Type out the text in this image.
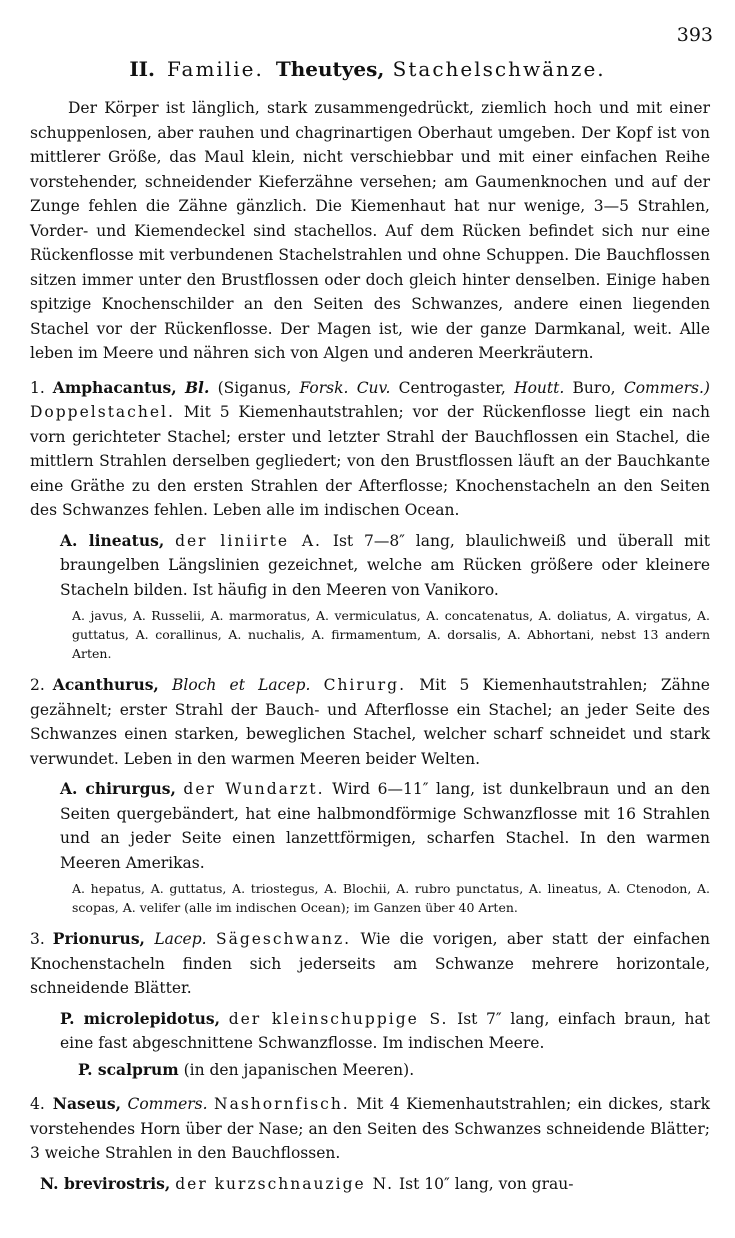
393
II. Familie. Theutyes, Stachelschwänze.

Der Körper ist länglich, stark zusammengedrückt, ziemlich hoch und mit einer schuppenlosen, aber rauhen und chagrinartigen Oberhaut umgeben. Der Kopf ist von mittlerer Größe, das Maul klein, nicht verschiebbar und mit einer einfachen Reihe vorstehender, schneidender Kieferzähne versehen; am Gaumenknochen und auf der Zunge fehlen die Zähne gänzlich. Die Kiemenhaut hat nur wenige, 3—5 Strahlen, Vorder- und Kiemendeckel sind stachellos. Auf dem Rücken befindet sich nur eine Rückenflosse mit verbundenen Stachelstrahlen und ohne Schuppen. Die Bauchflossen sitzen immer unter den Brustflossen oder doch gleich hinter denselben. Einige haben spitzige Knochenschilder an den Seiten des Schwanzes, andere einen liegenden Stachel vor der Rückenflosse. Der Magen ist, wie der ganze Darmkanal, weit. Alle leben im Meere und nähren sich von Algen und anderen Meerkräutern.

1. Amphacantus, Bl. (Siganus, Forsk. Cuv. Centrogaster, Houtt. Buro, Commers.) Doppelstachel. Mit 5 Kiemenhautstrahlen; vor der Rückenflosse liegt ein nach vorn gerichteter Stachel; erster und letzter Strahl der Bauchflossen ein Stachel, die mittlern Strahlen derselben gegliedert; von den Brustflossen läuft an der Bauchkante eine Gräthe zu den ersten Strahlen der Afterflosse; Knochenstacheln an den Seiten des Schwanzes fehlen. Leben alle im indischen Ocean.

A. lineatus, der liniirte A. Ist 7—8″ lang, blaulichweiß und überall mit braungelben Längslinien gezeichnet, welche am Rücken größere oder kleinere Stacheln bilden. Ist häufig in den Meeren von Vanikoro.

A. javus, A. Russelii, A. marmoratus, A. vermiculatus, A. concatenatus, A. doliatus, A. virgatus, A. guttatus, A. corallinus, A. nuchalis, A. firmamentum, A. dorsalis, A. Abhortani, nebst 13 andern Arten.

2. Acanthurus, Bloch et Lacep. Chirurg. Mit 5 Kiemenhautstrahlen; Zähne gezähnelt; erster Strahl der Bauch- und Afterflosse ein Stachel; an jeder Seite des Schwanzes einen starken, beweglichen Stachel, welcher scharf schneidet und stark verwundet. Leben in den warmen Meeren beider Welten.

A. chirurgus, der Wundarzt. Wird 6—11″ lang, ist dunkelbraun und an den Seiten quergebändert, hat eine halbmondförmige Schwanzflosse mit 16 Strahlen und an jeder Seite einen lanzettförmigen, scharfen Stachel. In den warmen Meeren Amerikas.

A. hepatus, A. guttatus, A. triostegus, A. Blochii, A. rubro punctatus, A. lineatus, A. Ctenodon, A. scopas, A. velifer (alle im indischen Ocean); im Ganzen über 40 Arten.

3. Prionurus, Lacep. Sägeschwanz. Wie die vorigen, aber statt der einfachen Knochenstacheln finden sich jederseits am Schwanze mehrere horizontale, schneidende Blätter.

P. microlepidotus, der kleinschuppige S. Ist 7″ lang, einfach braun, hat eine fast abgeschnittene Schwanzflosse. Im indischen Meere.

P. scalprum (in den japanischen Meeren).

4. Naseus, Commers. Nashornfisch. Mit 4 Kiemenhautstrahlen; ein dickes, stark vorstehendes Horn über der Nase; an den Seiten des Schwanzes schneidende Blätter; 3 weiche Strahlen in den Bauchflossen.

N. brevirostris, der kurzschnauzige N. Ist 10″ lang, von grau-
